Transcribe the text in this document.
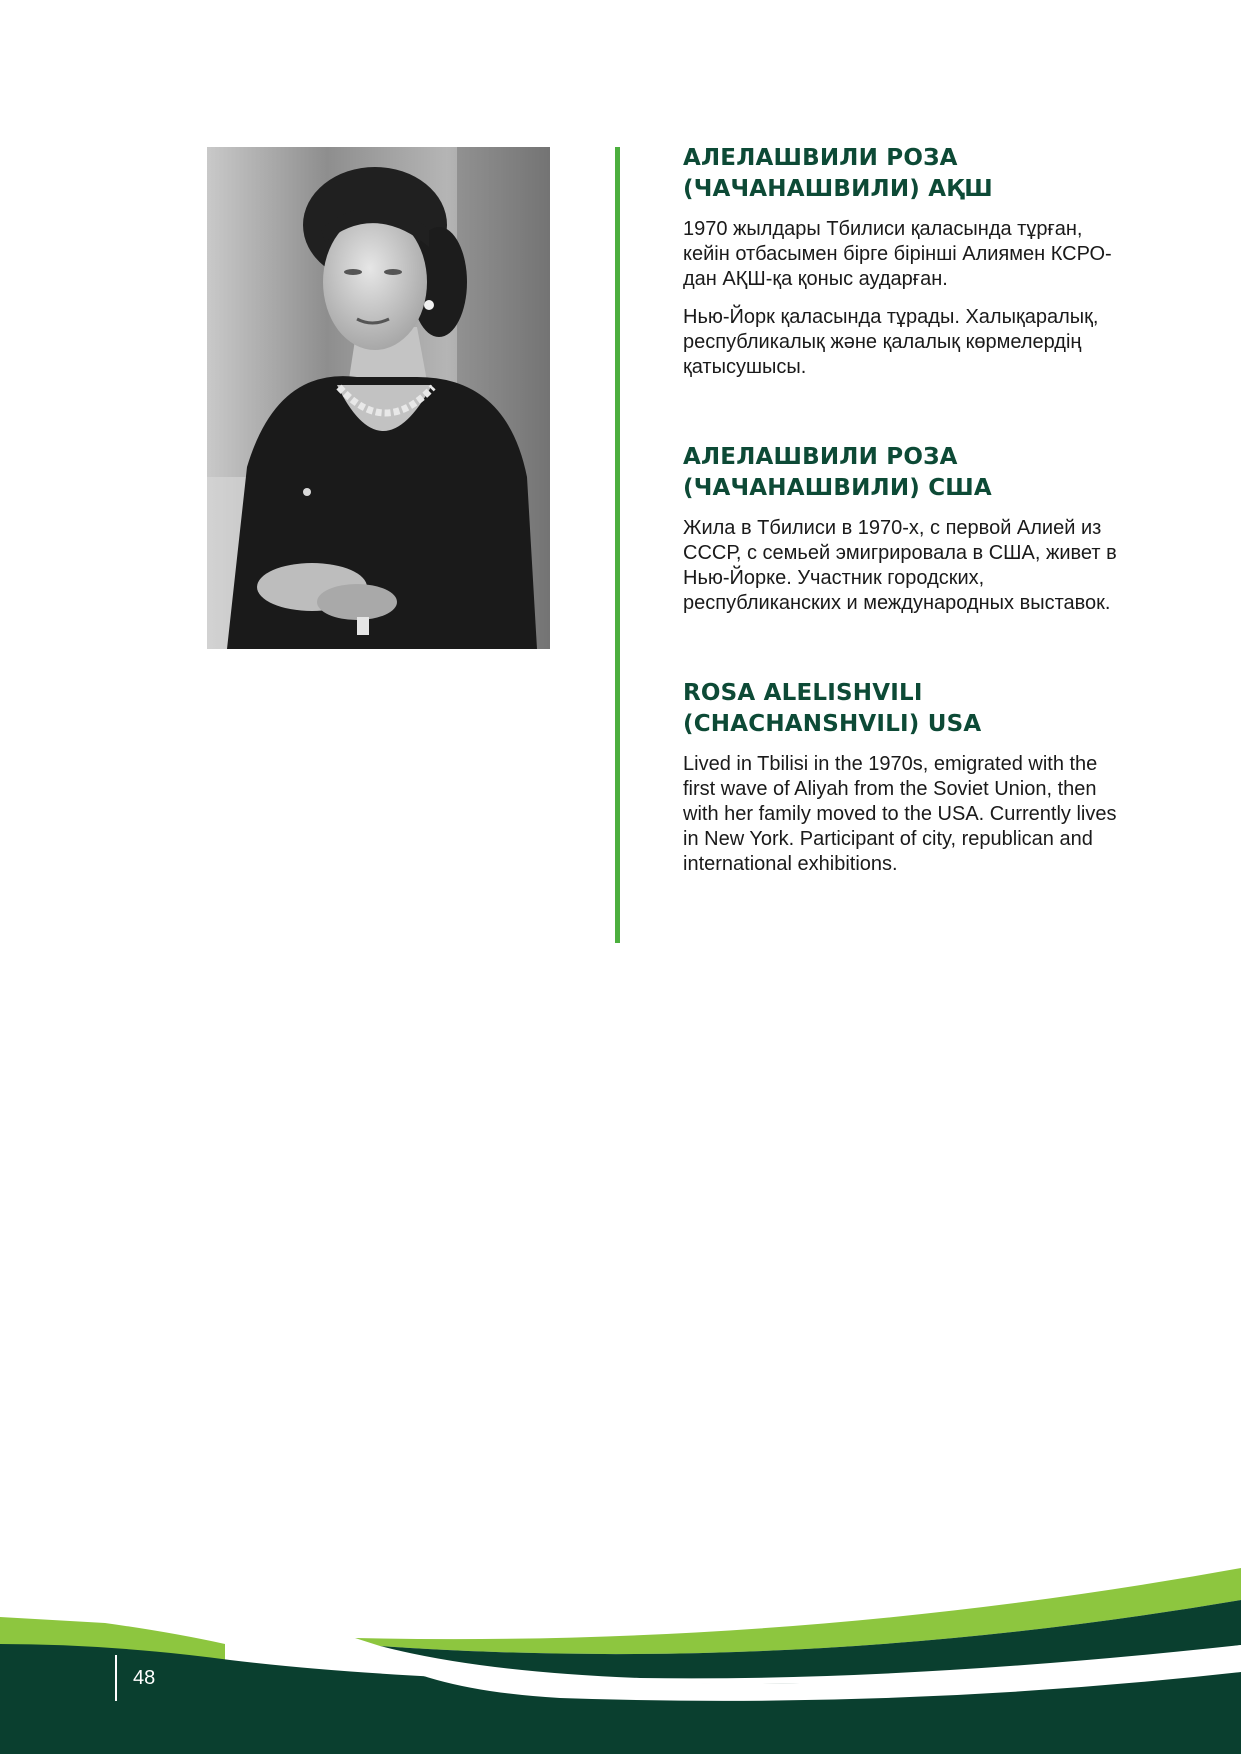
АЛЕЛАШВИЛИ РОЗА
(ЧАЧАНАШВИЛИ) АҚШ

1970 жылдары Тбилиси қаласында тұрған, кейін отбасымен бірге бірінші Алиямен КСРО-дан АҚШ-қа қоныс аударған.

Нью-Йорк қаласында тұрады. Халықаралық, республикалық және қалалық көрмелердің қатысушысы.

АЛЕЛАШВИЛИ РОЗА
(ЧАЧАНАШВИЛИ) США

Жила в Тбилиси в 1970-х, с первой Алией из СССР, с семьей эмигрировала в США, живет в Нью-Йорке. Участник городских, республиканских и международных выставок.

ROSA ALELISHVILI
(CHACHANSHVILI) USA

Lived in Tbilisi in the 1970s, emigrated with the first wave of Aliyah from the Soviet Union, then with her family moved to the USA. Currently lives in New York. Participant of city, republican and international exhibitions.

48
